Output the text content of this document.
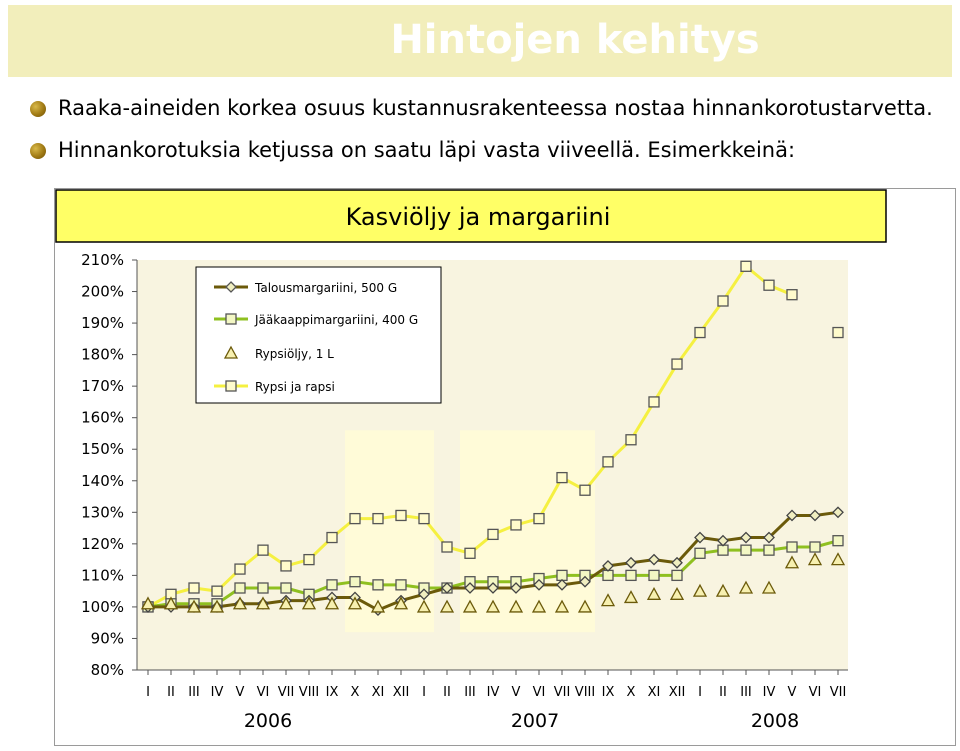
Hintojen kehitys
Raaka-aineiden korkea osuus kustannusrakenteessa nostaa hinnankorotustarvetta.
Hinnankorotuksia ketjussa on saatu läpi vasta viiveellä. Esimerkkeinä:
Kasviöljy ja margariini
210%
200%
190%
180%
170%
160%
150%
140%
130%
120%
110%
100%
90%
80%
I II III IV V VI VII VIII IX X XI XII I II III IV V VI VII VIII IX X XI XII I II III IV V VI VII
2006	2007	2008
Talousmargariini, 500 G
Jääkaappimargariini, 400 G
Rypsiöljy, 1 L
Rypsi ja rapsi
